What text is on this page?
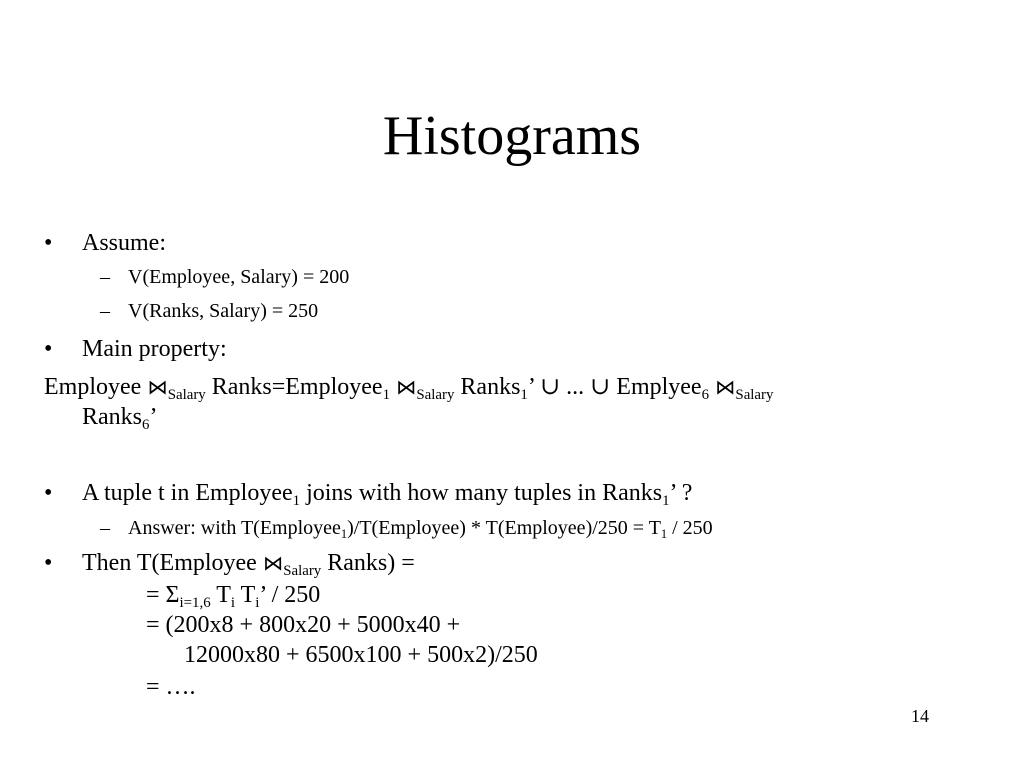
Histograms
• Assume:
– V(Employee, Salary) = 200
– V(Ranks, Salary) = 250
• Main property:
Employee $⋈_{Salary}$ Ranks=Employee$_1$ $⋈_{Salary}$ Ranks$_1$’ ∪ ... ∪ Emplyee$_6$ $⋈_{Salary}$
Ranks$_6$’
• A tuple t in Employee$_1$ joins with how many tuples in Ranks$_1$’ ?
– Answer: with T(Employee$_1$)/T(Employee) * T(Employee)/250 = $T_1 / 250$
• Then T(Employee $⋈_{Salary}$ Ranks) =
= $\Sigma_{i=1,6}$ $T_i$ $T_i$’ / 250
= (200x8 + 800x20 + 5000x40 +
12000x80 + 6500x100 + 500x2)/250
= ….
14
